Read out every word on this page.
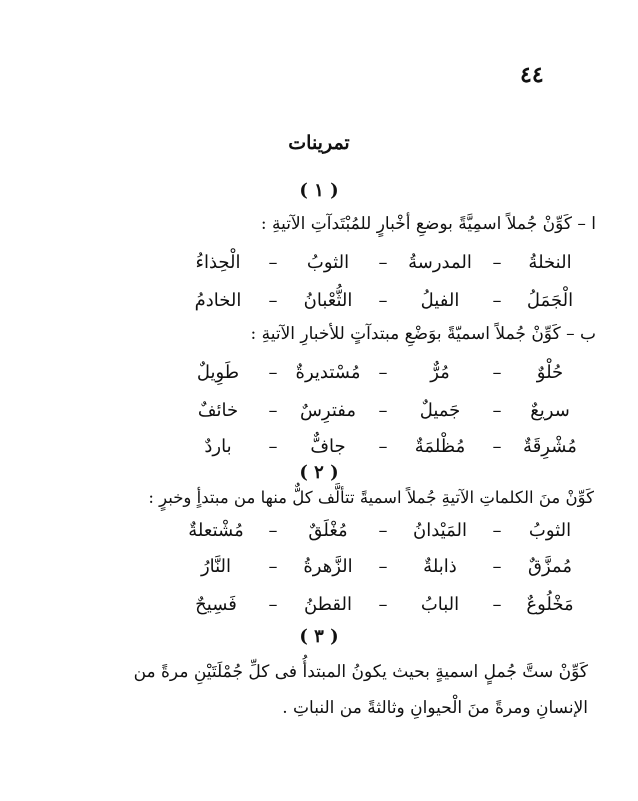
٤٤
تمرينات
( ١ )
ا – كَوِّنْ جُملاً اسمِيَّةً بوضعِ أخْبارٍ للمُبْتَدآتِ الآتيةِ :
النخلةُ
–
المدرسةُ
–
الثوبُ
–
الْحِذاءُ
الْجَمَلُ
–
الفيلُ
–
الثُّعْبانُ
–
الخادمُ
ب – كَوِّنْ جُملاً اسميّةً بوَضْعِ مبتدآتٍ للأخبارِ الآتيةِ :
حُلْوٌ
–
مُرٌّ
–
مُسْتديرةٌ
–
طَوِيلٌ
سريعٌ
–
جَميلٌ
–
مفترِسٌ
–
خائفٌ
مُشْرِقَةٌ
–
مُظْلمَةٌ
–
جافٌّ
–
باردٌ
( ٢ )
كَوِّنْ منَ الكلماتِ الآتيةِ جُملاً اسميةً تتألَّف كلٌّ منها من مبتدأٍ وخبرٍ :
الثوبُ
–
المَيْدانُ
–
مُغْلَقٌ
–
مُشْتعلةٌ
مُمزَّقٌ
–
ذابلةٌ
–
الزَّهرةُ
–
النَّارُ
مَخْلُوعٌ
–
البابُ
–
القطنُ
–
فَسِيحٌ
( ٣ )
كَوِّنْ ستَّ جُملٍ اسميةٍ بحيث يكونُ المبتدأُ فى كلِّ جُمْلَتَيْنِ مرةً من
الإنسانِ ومرةً منَ الْحيوانِ وثالثةً من النباتِ .
